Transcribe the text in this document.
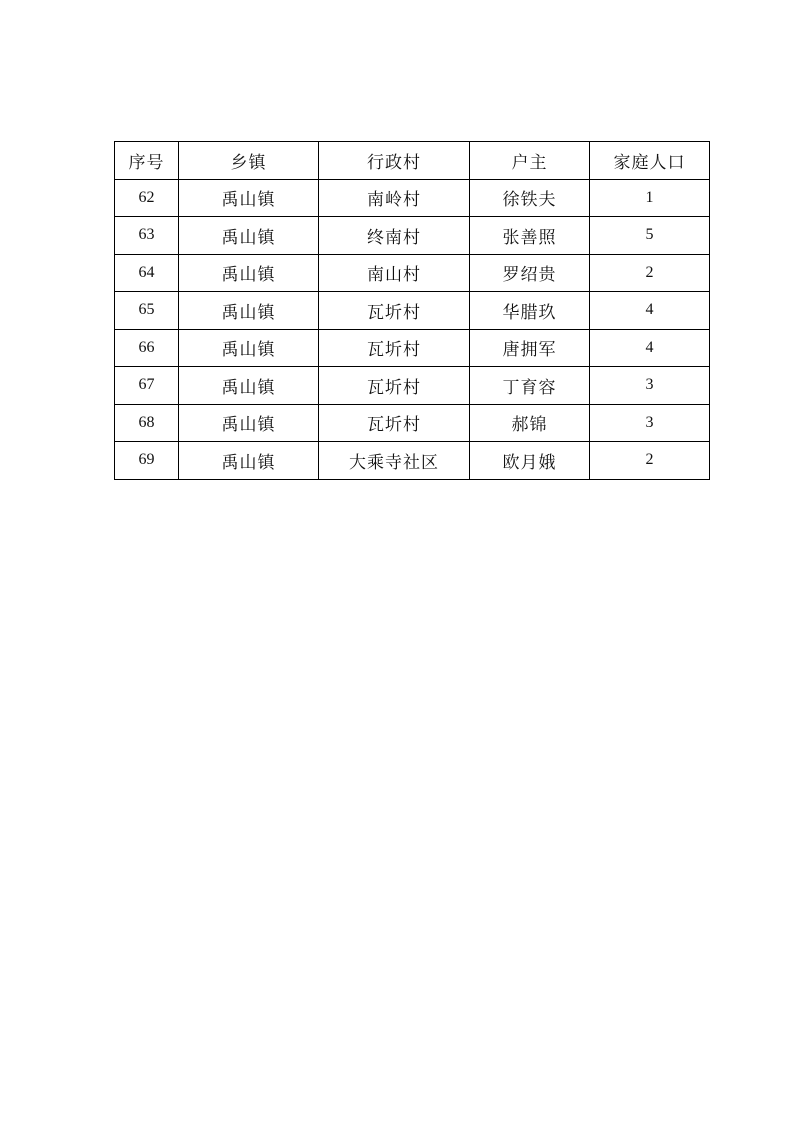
序号	乡镇	行政村	户主	家庭人口
62	禹山镇	南岭村	徐铁夫	1
63	禹山镇	终南村	张善照	5
64	禹山镇	南山村	罗绍贵	2
65	禹山镇	瓦圻村	华腊玖	4
66	禹山镇	瓦圻村	唐拥军	4
67	禹山镇	瓦圻村	丁育容	3
68	禹山镇	瓦圻村	郝锦	3
69	禹山镇	大乘寺社区	欧月娥	2
